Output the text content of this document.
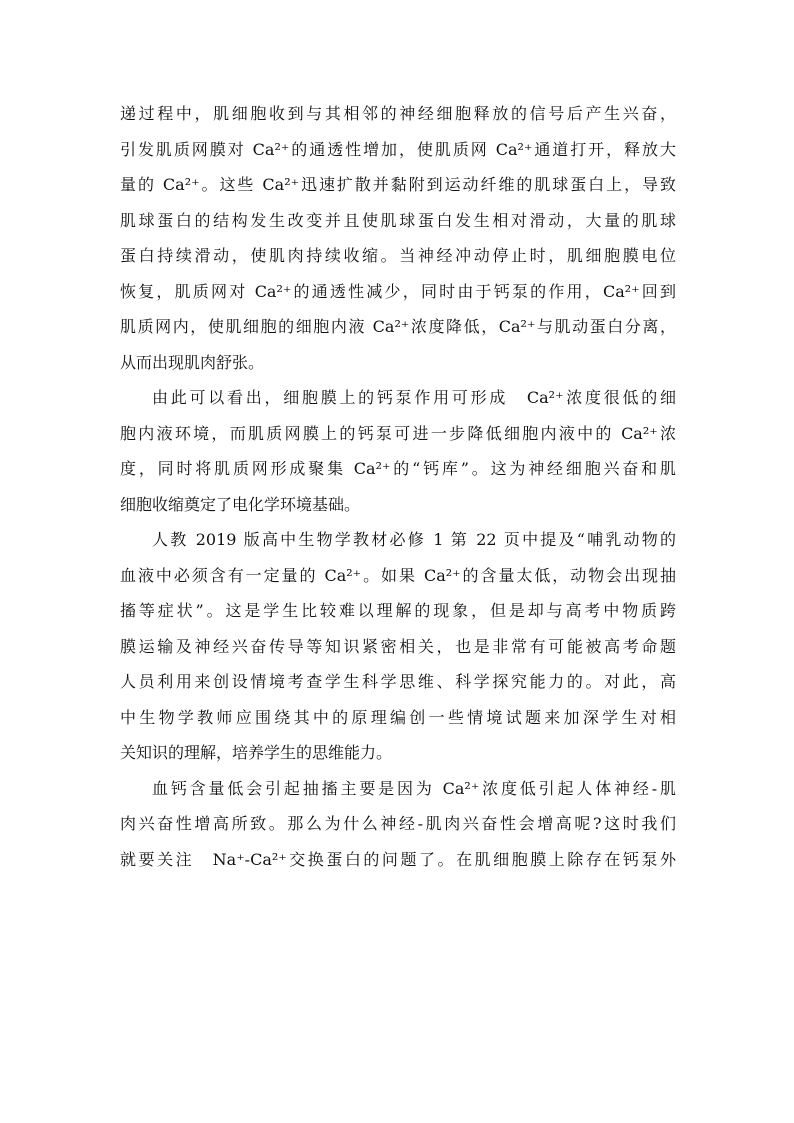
递过程中，肌细胞收到与其相邻的神经细胞释放的信号后产生兴奋，
引发肌质网膜对 Ca²⁺的通透性增加，使肌质网 Ca²⁺通道打开，释放大
量的 Ca²⁺。这些 Ca²⁺迅速扩散并黏附到运动纤维的肌球蛋白上，导致
肌球蛋白的结构发生改变并且使肌球蛋白发生相对滑动，大量的肌球
蛋白持续滑动，使肌肉持续收缩。当神经冲动停止时，肌细胞膜电位
恢复，肌质网对 Ca²⁺的通透性减少，同时由于钙泵的作用，Ca²⁺回到
肌质网内，使肌细胞的细胞内液 Ca²⁺浓度降低，Ca²⁺与肌动蛋白分离，
从而出现肌肉舒张。
由此可以看出，细胞膜上的钙泵作用可形成　Ca²⁺浓度很低的细
胞内液环境，而肌质网膜上的钙泵可进一步降低细胞内液中的 Ca²⁺浓
度，同时将肌质网形成聚集 Ca²⁺的“钙库”。这为神经细胞兴奋和肌
细胞收缩奠定了电化学环境基础。
人教 2019 版高中生物学教材必修 1 第 22 页中提及“哺乳动物的
血液中必须含有一定量的 Ca²⁺。如果 Ca²⁺的含量太低，动物会出现抽
搐等症状”。这是学生比较难以理解的现象，但是却与高考中物质跨
膜运输及神经兴奋传导等知识紧密相关，也是非常有可能被高考命题
人员利用来创设情境考查学生科学思维、科学探究能力的。对此，高
中生物学教师应围绕其中的原理编创一些情境试题来加深学生对相
关知识的理解，培养学生的思维能力。
血钙含量低会引起抽搐主要是因为 Ca²⁺浓度低引起人体神经-肌
肉兴奋性增高所致。那么为什么神经-肌肉兴奋性会增高呢?这时我们
就要关注　Na⁺-Ca²⁺交换蛋白的问题了。在肌细胞膜上除存在钙泵外
